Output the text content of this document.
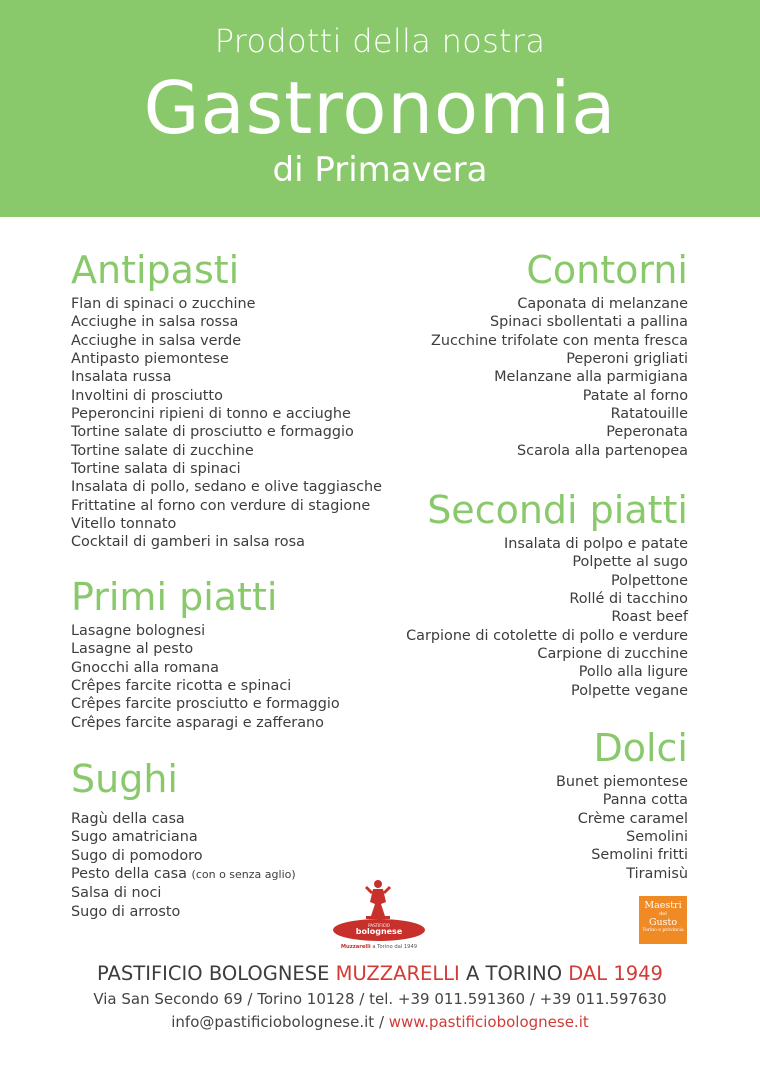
Prodotti della nostra
Gastronomia
di Primavera
Antipasti
Flan di spinaci o zucchine
Acciughe in salsa rossa
Acciughe in salsa verde
Antipasto piemontese
Insalata russa
Involtini di prosciutto
Peperoncini ripieni di tonno e acciughe
Tortine salate di prosciutto e formaggio
Tortine salate di zucchine
Tortine salata di spinaci
Insalata di pollo, sedano e olive taggiasche
Frittatine al forno con verdure di stagione
Vitello tonnato
Cocktail di gamberi in salsa rosa
Primi piatti
Lasagne bolognesi
Lasagne al pesto
Gnocchi alla romana
Crêpes farcite ricotta e spinaci
Crêpes farcite prosciutto e formaggio
Crêpes farcite asparagi e zafferano
Sughi
Ragù della casa
Sugo amatriciana
Sugo di pomodoro
Pesto della casa (con o senza aglio)
Salsa di noci
Sugo di arrosto
Contorni
Caponata di melanzane
Spinaci sbollentati a pallina
Zucchine trifolate con menta fresca
Peperoni grigliati
Melanzane alla parmigiana
Patate al forno
Ratatouille
Peperonata
Scarola alla partenopea
Secondi piatti
Insalata di polpo e patate
Polpette al sugo
Polpettone
Rollé di tacchino
Roast beef
Carpione di cotolette di pollo e verdure
Carpione di zucchine
Pollo alla ligure
Polpette vegane
Dolci
Bunet piemontese
Panna cotta
Crème caramel
Semolini
Semolini fritti
Tiramisù
PASTIFICIO
bolognese
Muzzarelli a Torino dal 1949
Maestri
del
Gusto
Torino e provincia
PASTIFICIO BOLOGNESE MUZZARELLI A TORINO DAL 1949
Via San Secondo 69 / Torino 10128 / tel. +39 011.591360 / +39 011.597630
info@pastificiobolognese.it / www.pastificiobolognese.it
